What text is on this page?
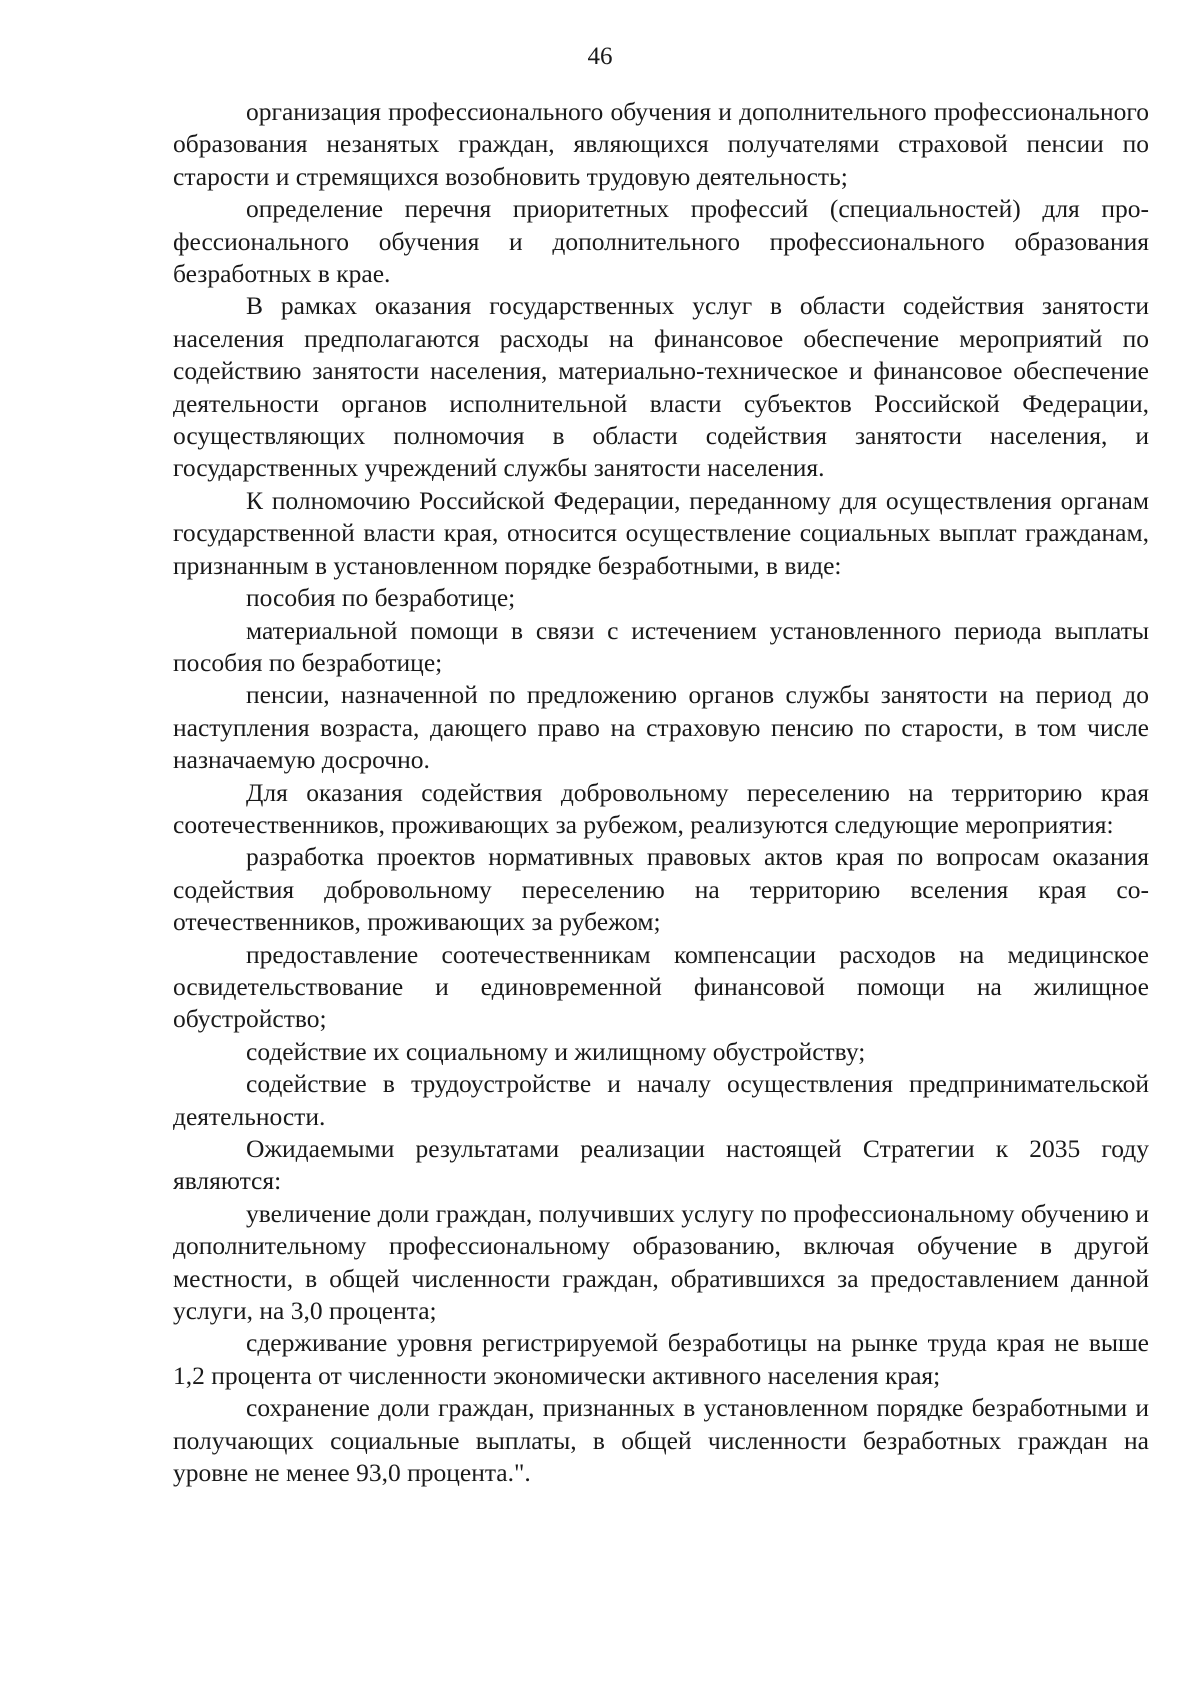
46

организация профессионального обучения и дополнительного профессионального образования незанятых граждан, являющихся получателями страховой пенсии по старости и стремящихся возобновить трудовую деятельность;

определение перечня приоритетных профессий (специальностей) для профессионального обучения и дополнительного профессионального образования безработных в крае.

В рамках оказания государственных услуг в области содействия занятости населения предполагаются расходы на финансовое обеспечение мероприятий по содействию занятости населения, материально-техническое и финансовое обеспечение деятельности органов исполнительной власти субъектов Российской Федерации, осуществляющих полномочия в области содействия занятости населения, и государственных учреждений службы занятости населения.

К полномочию Российской Федерации, переданному для осуществления органам государственной власти края, относится осуществление социальных выплат гражданам, признанным в установленном порядке безработными, в виде:

пособия по безработице;

материальной помощи в связи с истечением установленного периода выплаты пособия по безработице;

пенсии, назначенной по предложению органов службы занятости на период до наступления возраста, дающего право на страховую пенсию по старости, в том числе назначаемую досрочно.

Для оказания содействия добровольному переселению на территорию края соотечественников, проживающих за рубежом, реализуются следующие мероприятия:

разработка проектов нормативных правовых актов края по вопросам оказания содействия добровольному переселению на территорию вселения края соотечественников, проживающих за рубежом;

предоставление соотечественникам компенсации расходов на медицинское освидетельствование и единовременной финансовой помощи на жилищное обустройство;

содействие их социальному и жилищному обустройству;

содействие в трудоустройстве и началу осуществления предпринимательской деятельности.

Ожидаемыми результатами реализации настоящей Стратегии к 2035 году являются:

увеличение доли граждан, получивших услугу по профессиональному обучению и дополнительному профессиональному образованию, включая обучение в другой местности, в общей численности граждан, обратившихся за предоставлением данной услуги, на 3,0 процента;

сдерживание уровня регистрируемой безработицы на рынке труда края не выше 1,2 процента от численности экономически активного населения края;

сохранение доли граждан, признанных в установленном порядке безработными и получающих социальные выплаты, в общей численности безработных граждан на уровне не менее 93,0 процента.".
